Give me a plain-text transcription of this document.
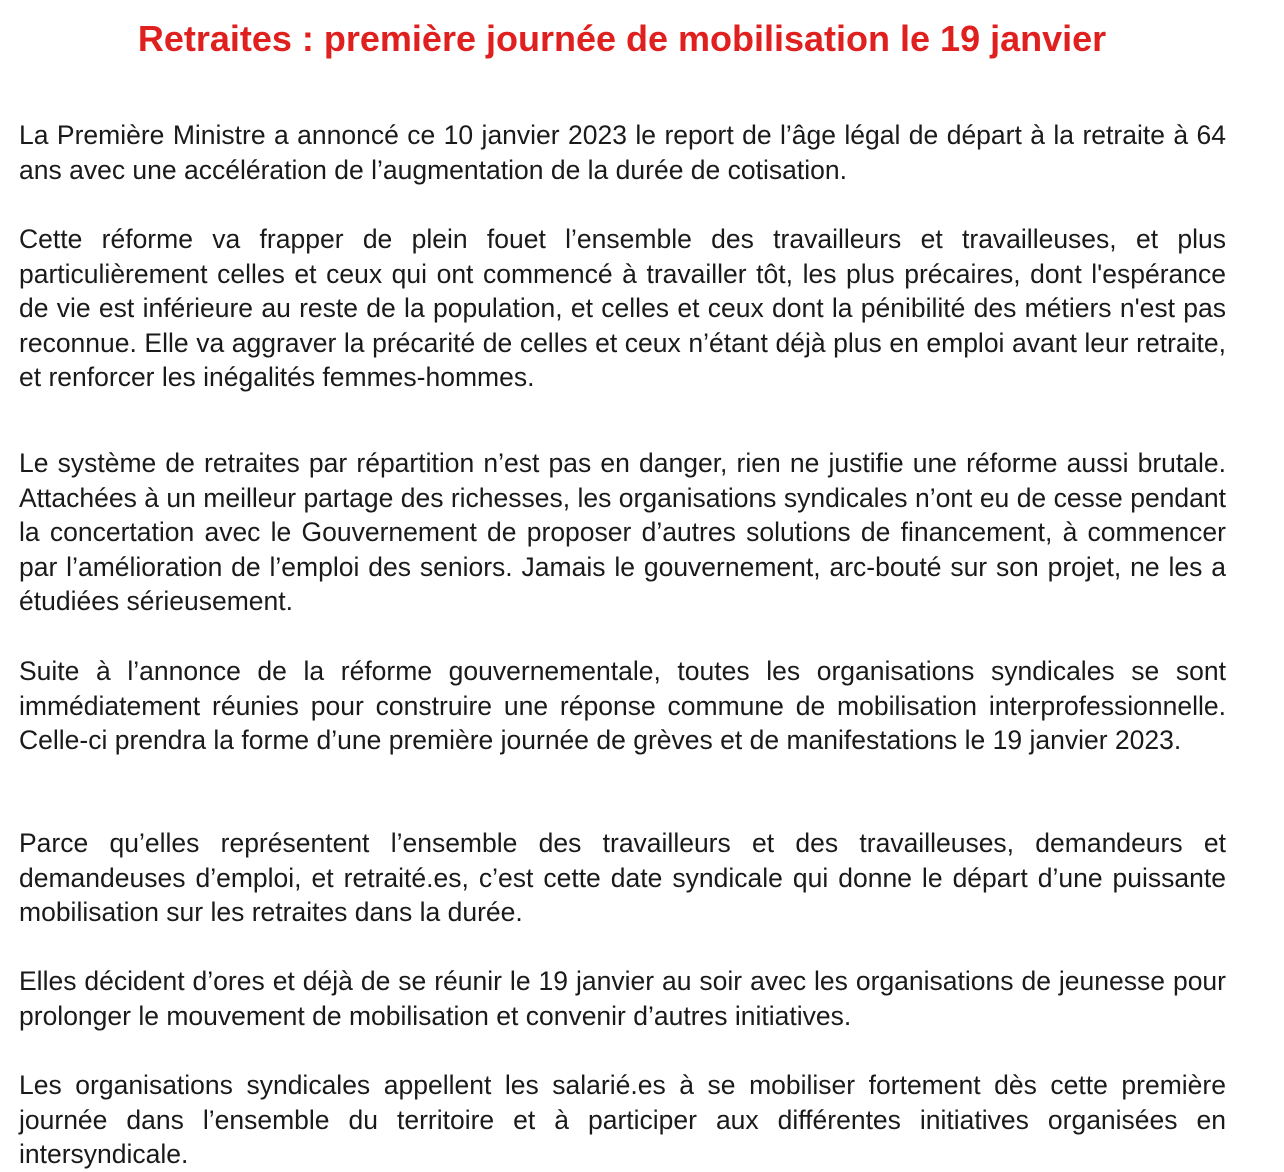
Retraites : première journée de mobilisation le 19 janvier

La Première Ministre a annoncé ce 10 janvier 2023 le report de l’âge légal de départ à la retraite à 64 ans avec une accélération de l’augmentation de la durée de cotisation.

Cette réforme va frapper de plein fouet l’ensemble des travailleurs et travailleuses, et plus particulièrement celles et ceux qui ont commencé à travailler tôt, les plus précaires, dont l'espérance de vie est inférieure au reste de la population, et celles et ceux dont la pénibilité des métiers n'est pas reconnue. Elle va aggraver la précarité de celles et ceux n’étant déjà plus en emploi avant leur retraite, et renforcer les inégalités femmes-hommes.

Le système de retraites par répartition n’est pas en danger, rien ne justifie une réforme aussi brutale. Attachées à un meilleur partage des richesses, les organisations syndicales n’ont eu de cesse pendant la concertation avec le Gouvernement de proposer d’autres solutions de financement, à commencer par l’amélioration de l’emploi des seniors. Jamais le gouvernement, arc-bouté sur son projet, ne les a étudiées sérieusement.

Suite à l’annonce de la réforme gouvernementale, toutes les organisations syndicales se sont immédiatement réunies pour construire une réponse commune de mobilisation interprofessionnelle. Celle-ci prendra la forme d’une première journée de grèves et de manifestations le 19 janvier 2023.

Parce qu’elles représentent l’ensemble des travailleurs et des travailleuses, demandeurs et demandeuses d’emploi, et retraité.es, c’est cette date syndicale qui donne le départ d’une puissante mobilisation sur les retraites dans la durée.

Elles décident d’ores et déjà de se réunir le 19 janvier au soir avec les organisations de jeunesse pour prolonger le mouvement de mobilisation et convenir d’autres initiatives.

Les organisations syndicales appellent les salarié.es à se mobiliser fortement dès cette première journée dans l’ensemble du territoire et à participer aux différentes initiatives organisées en intersyndicale.
